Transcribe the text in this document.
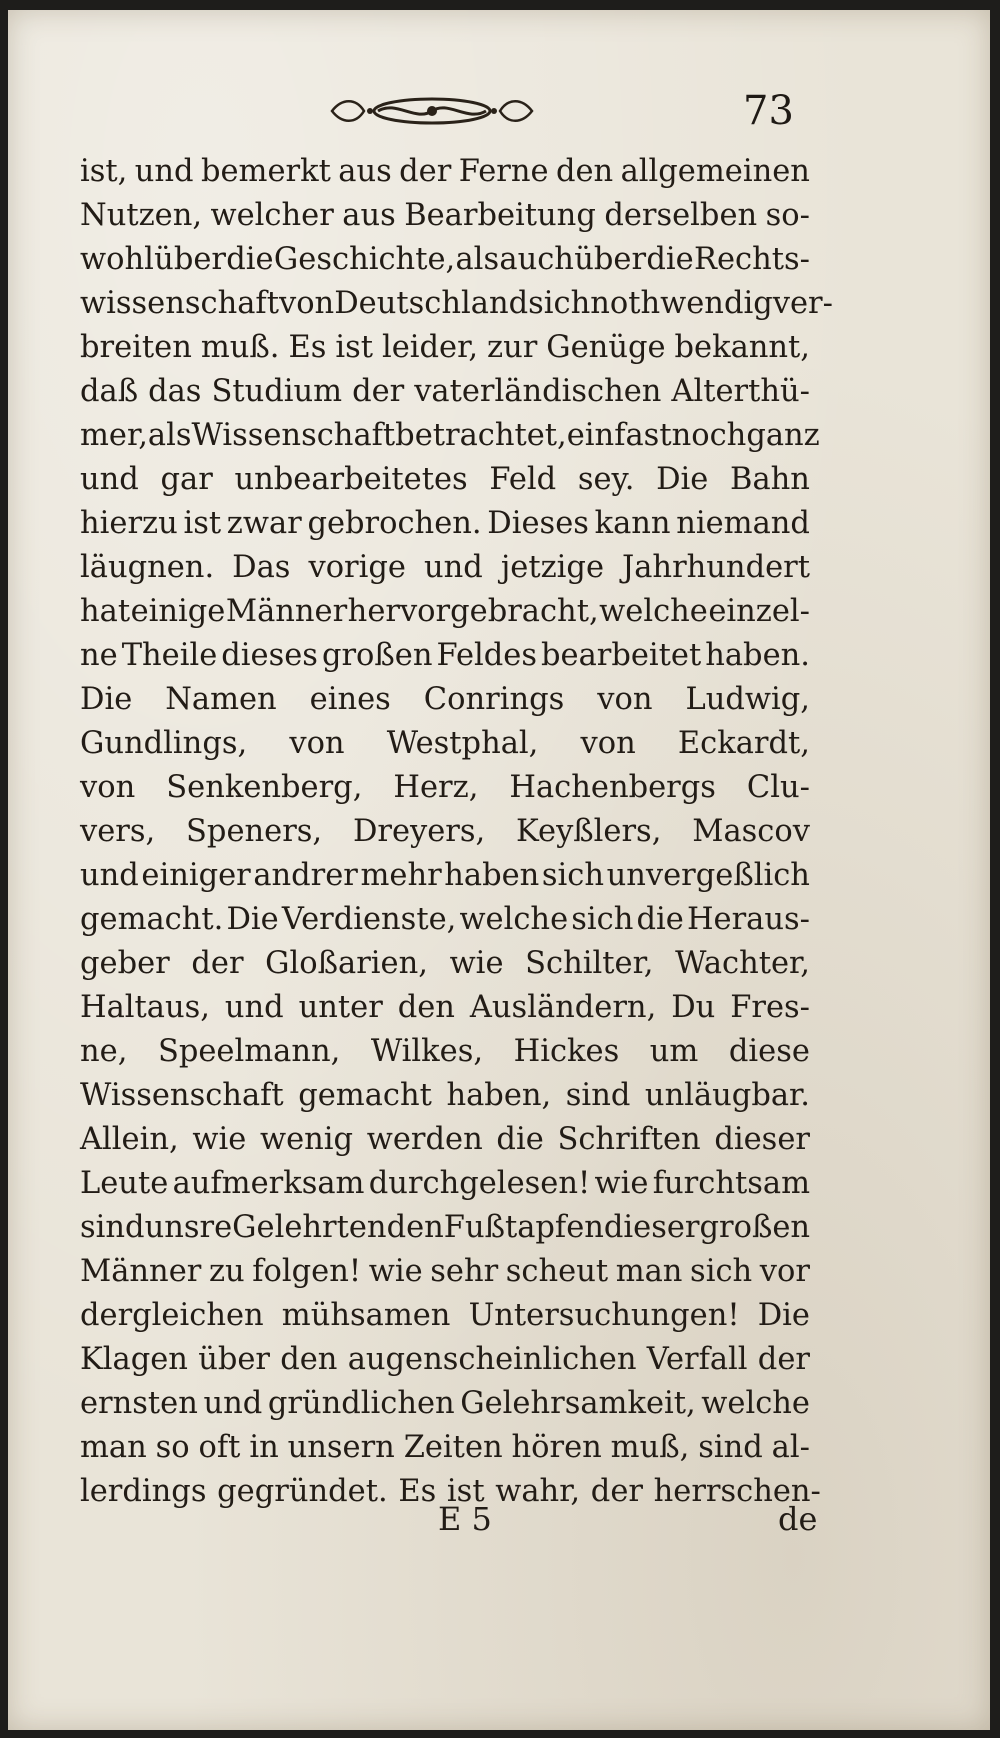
73
ist, und bemerkt aus der Ferne den allgemeinen
Nutzen, welcher aus Bearbeitung derselben so-
wohl über die Geschichte, als auch über die Rechts-
wissenschaft von Deutschland sich nothwendig ver-
breiten muß. Es ist leider, zur Genüge bekannt,
daß das Studium der vaterländischen Alterthü-
mer, als Wissenschaft betrachtet, ein fast noch ganz
und gar unbearbeitetes Feld sey. Die Bahn
hierzu ist zwar gebrochen. Dieses kann niemand
läugnen. Das vorige und jetzige Jahrhundert
hat einige Männer hervorgebracht, welche einzel-
ne Theile dieses großen Feldes bearbeitet haben.
Die Namen eines Conrings von Ludwig,
Gundlings, von Westphal, von Eckardt,
von Senkenberg, Herz, Hachenbergs Clu-
vers, Speners, Dreyers, Keyßlers, Mascov
und einiger andrer mehr haben sich unvergeßlich
gemacht. Die Verdienste, welche sich die Heraus-
geber der Gloßarien, wie Schilter, Wachter,
Haltaus, und unter den Ausländern, Du Fres-
ne, Speelmann, Wilkes, Hickes um diese
Wissenschaft gemacht haben, sind unläugbar.
Allein, wie wenig werden die Schriften dieser
Leute aufmerksam durchgelesen! wie furchtsam
sind unsre Gelehrten den Fußtapfen dieser großen
Männer zu folgen! wie sehr scheut man sich vor
dergleichen mühsamen Untersuchungen! Die
Klagen über den augenscheinlichen Verfall der
ernsten und gründlichen Gelehrsamkeit, welche
man so oft in unsern Zeiten hören muß, sind al-
lerdings gegründet. Es ist wahr, der herrschen-
E 5	de
